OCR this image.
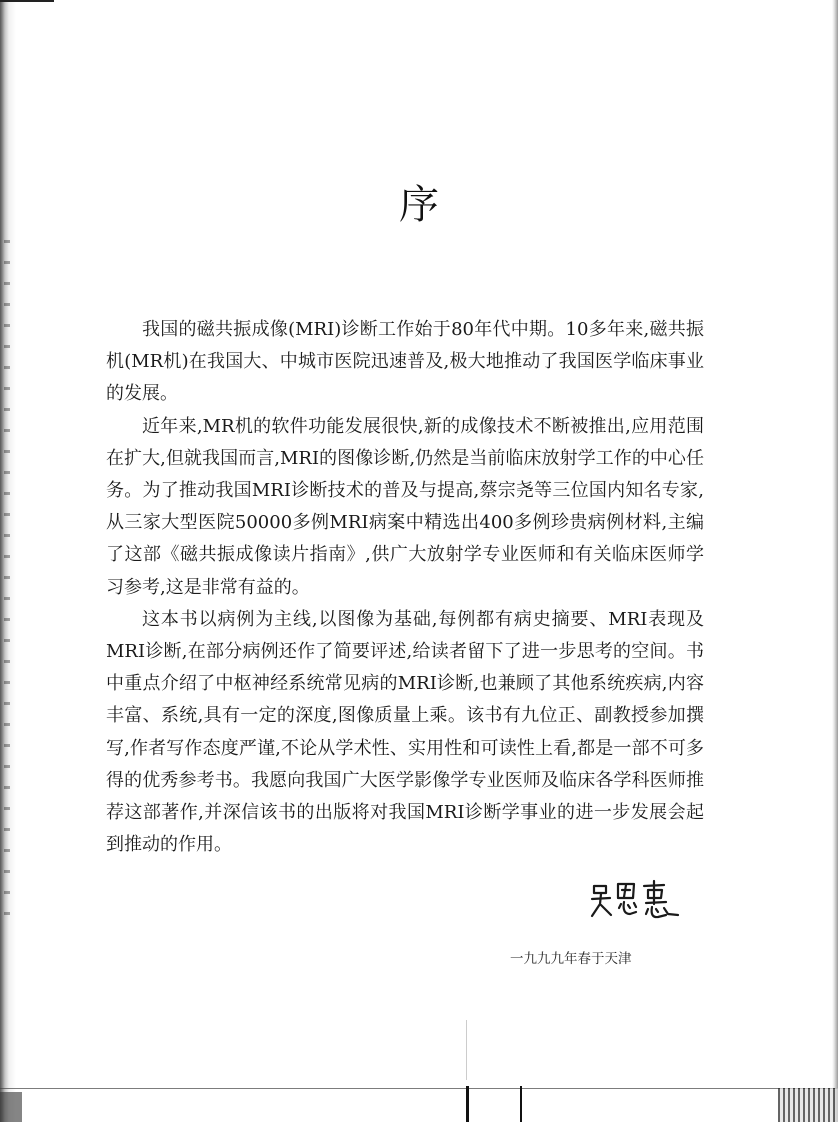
序

我国的磁共振成像(MRI)诊断工作始于80年代中期。10多年来,磁共振机(MR机)在我国大、中城市医院迅速普及,极大地推动了我国医学临床事业的发展。

近年来,MR机的软件功能发展很快,新的成像技术不断被推出,应用范围在扩大,但就我国而言,MRI的图像诊断,仍然是当前临床放射学工作的中心任务。为了推动我国MRI诊断技术的普及与提高,蔡宗尧等三位国内知名专家,从三家大型医院50000多例MRI病案中精选出400多例珍贵病例材料,主编了这部《磁共振成像读片指南》,供广大放射学专业医师和有关临床医师学习参考,这是非常有益的。

这本书以病例为主线,以图像为基础,每例都有病史摘要、MRI表现及MRI诊断,在部分病例还作了简要评述,给读者留下了进一步思考的空间。书中重点介绍了中枢神经系统常见病的MRI诊断,也兼顾了其他系统疾病,内容丰富、系统,具有一定的深度,图像质量上乘。该书有九位正、副教授参加撰写,作者写作态度严谨,不论从学术性、实用性和可读性上看,都是一部不可多得的优秀参考书。我愿向我国广大医学影像学专业医师及临床各学科医师推荐这部著作,并深信该书的出版将对我国MRI诊断学事业的进一步发展会起到推动的作用。

一九九九年春于天津
